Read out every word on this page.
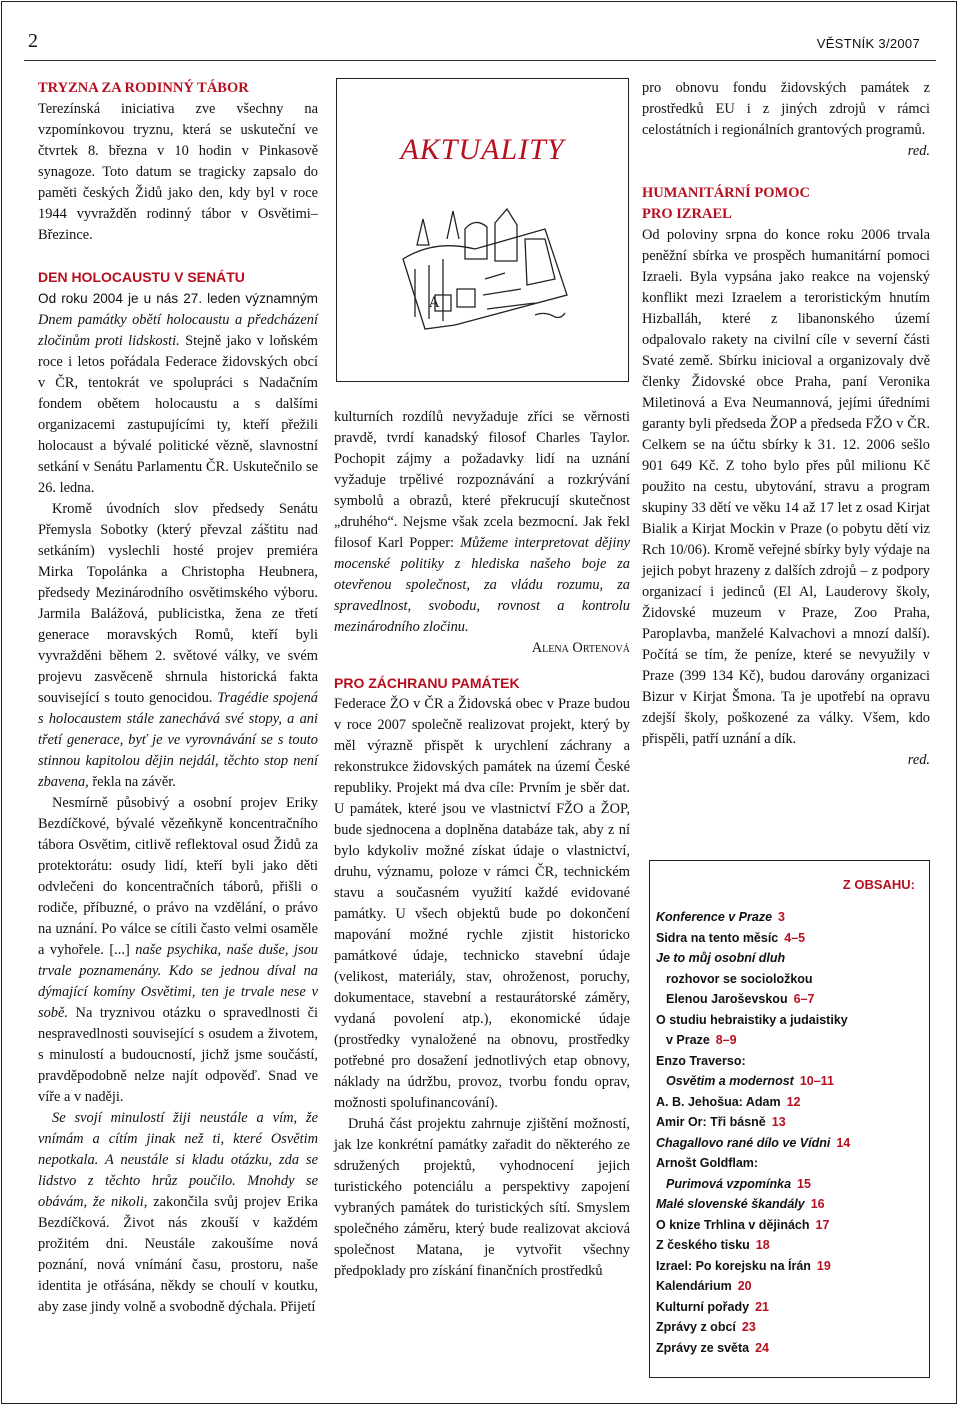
2	VĚSTNÍK 3/2007

TRYZNA ZA RODINNÝ TÁBOR

Terezínská iniciativa zve všechny na vzpomínkovou tryznu, která se uskuteční ve čtvrtek 8. března v 10 hodin v Pinkasově synagoze. Toto datum se tragicky zapsalo do paměti českých Židů jako den, kdy byl v roce 1944 vyvražděn rodinný tábor v Osvětimi–Březince.

DEN HOLOCAUSTU V SENÁTU

Od roku 2004 je u nás 27. leden významným Dnem památky obětí holocaustu a předcházení zločinům proti lidskosti. Stejně jako v loňském roce i letos pořádala Federace židovských obcí v ČR, tentokrát ve spolupráci s Nadačním fondem obětem holocaustu a s dalšími organizacemi zastupujícími ty, kteří přežili holocaust a bývalé politické vězně, slavnostní setkání v Senátu Parlamentu ČR. Uskutečnilo se 26. ledna.

Kromě úvodních slov předsedy Senátu Přemysla Sobotky (který převzal záštitu nad setkáním) vyslechli hosté projev premiéra Mirka Topolánka a Christopha Heubnera, předsedy Mezinárodního osvětimského výboru. Jarmila Balážová, publicistka, žena ze třetí generace moravských Romů, kteří byli vyvražděni během 2. světové války, ve svém projevu zasvěceně shrnula historická fakta související s touto genocidou. Tragédie spojená s holocaustem stále zanechává své stopy, a ani třetí generace, byť je ve vyrovnávání se s touto stinnou kapitolou dějin nejdál, těchto stop není zbavena, řekla na závěr.

Nesmírně působivý a osobní projev Eriky Bezdíčkové, bývalé vězeňkyně koncentračního tábora Osvětim, citlivě reflektoval osud Židů za protektorátu: osudy lidí, kteří byli jako děti odvlečeni do koncentračních táborů, přišli o rodiče, příbuzné, o právo na vzdělání, o právo na uznání. Po válce se cítili často velmi osaměle a vyhořele. [...] naše psychika, naše duše, jsou trvale poznamenány. Kdo se jednou díval na dýmající komíny Osvětimi, ten je trvale nese v sobě. Na tryznivou otázku o spravedlnosti či nespravedlnosti související s osudem a životem, s minulostí a budoucností, jichž jsme součástí, pravděpodobně nelze najít odpověď. Snad ve víře a v naději.

Se svojí minulostí žiji neustále a vím, že vnímám a cítím jinak než ti, které Osvětim nepotkala. A neustále si kladu otázku, zda se lidstvo z těchto hrůz poučilo. Mnohdy se obávám, že nikoli, zakončila svůj projev Erika Bezdíčková. Život nás zkouší v každém prožitém dni. Neustále zakoušíme nová poznání, nová vnímání času, prostoru, naše identita je otřásána, někdy se choulí v koutku, aby zase jindy volně a svobodně dýchala. Přijetí

AKTUALITY
A

kulturních rozdílů nevyžaduje zříci se věrnosti pravdě, tvrdí kanadský filosof Charles Taylor. Pochopit zájmy a požadavky lidí na uznání vyžaduje trpělivé rozpoznávání a rozkrývání symbolů a obrazů, které překrucují skutečnost „druhého“. Nejsme však zcela bezmocní. Jak řekl filosof Karl Popper: Můžeme interpretovat dějiny mocenské politiky z hlediska našeho boje za otevřenou společnost, za vládu rozumu, za spravedlnost, svobodu, rovnost a kontrolu mezinárodního zločinu.

Alena Ortenová

PRO ZÁCHRANU PAMÁTEK

Federace ŽO v ČR a Židovská obec v Praze budou v roce 2007 společně realizovat projekt, který by měl výrazně přispět k urychlení záchrany a rekonstrukce židovských památek na území České republiky. Projekt má dva cíle: Prvním je sběr dat. U památek, které jsou ve vlastnictví FŽO a ŽOP, bude sjednocena a doplněna databáze tak, aby z ní bylo kdykoliv možné získat údaje o vlastnictví, druhu, významu, poloze v rámci ČR, technickém stavu a současném využití každé evidované památky. U všech objektů bude po dokončení mapování možné rychle zjistit historicko památkové údaje, technicko stavební údaje (velikost, materiály, stav, ohroženost, poruchy, dokumentace, stavební a restaurátorské záměry, vydaná povolení atp.), ekonomické údaje (prostředky vynaložené na obnovu, prostředky potřebné pro dosažení jednotlivých etap obnovy, náklady na údržbu, provoz, tvorbu fondu oprav, možnosti spolufinancování).

Druhá část projektu zahrnuje zjištění možností, jak lze konkrétní památky zařadit do některého ze sdružených projektů, vyhodnocení jejich turistického potenciálu a perspektivy zapojení vybraných památek do turistických sítí. Smyslem společného záměru, který bude realizovat akciová společnost Matana, je vytvořit všechny předpoklady pro získání finančních prostředků

pro obnovu fondu židovských památek z prostředků EU i z jiných zdrojů v rámci celostátních i regionálních grantových programů.

red.

HUMANITÁRNÍ POMOC

PRO IZRAEL

Od poloviny srpna do konce roku 2006 trvala peněžní sbírka ve prospěch humanitární pomoci Izraeli. Byla vypsána jako reakce na vojenský konflikt mezi Izraelem a teroristickým hnutím Hizballáh, které z libanonského území odpalovalo rakety na civilní cíle v severní části Svaté země. Sbírku inicioval a organizovaly dvě členky Židovské obce Praha, paní Veronika Miletinová a Eva Neumannová, jejími úředními garanty byli předseda ŽOP a předseda FŽO v ČR. Celkem se na účtu sbírky k 31. 12. 2006 sešlo 901 649 Kč. Z toho bylo přes půl milionu Kč použito na cestu, ubytování, stravu a program skupiny 33 dětí ve věku 14 až 17 let z osad Kirjat Bialik a Kirjat Mockin v Praze (o pobytu dětí viz Rch 10/06). Kromě veřejné sbírky byly výdaje na jejich pobyt hrazeny z dalších zdrojů – z podpory organizací i jedinců (El Al, Lauderovy školy, Židovské muzeum v Praze, Zoo Praha, Paroplavba, manželé Kalvachovi a mnozí další). Počítá se tím, že peníze, které se nevyužily v Praze (399 134 Kč), budou darovány organizaci Bizur v Kirjat Šmona. Ta je upotřebí na opravu zdejší školy, poškozené za války. Všem, kdo přispěli, patří uznání a dík.

red.

Z OBSAHU:
Konference v Praze 3
Sidra na tento měsíc 4–5
Je to můj osobní dluh
rozhovor se socioložkou
Elenou Jaroševskou 6–7
O studiu hebraistiky a judaistiky
v Praze 8–9
Enzo Traverso:
Osvětim a modernost 10–11
A. B. Jehošua: Adam 12
Amir Or: Tři básně 13
Chagallovo rané dílo ve Vídni 14
Arnošt Goldflam:
Purimová vzpomínka 15
Malé slovenské škandály 16
O knize Trhlina v dějinách 17
Z českého tisku 18
Izrael: Po korejsku na Írán 19
Kalendárium 20
Kulturní pořady 21
Zprávy z obcí 23
Zprávy ze světa 24
